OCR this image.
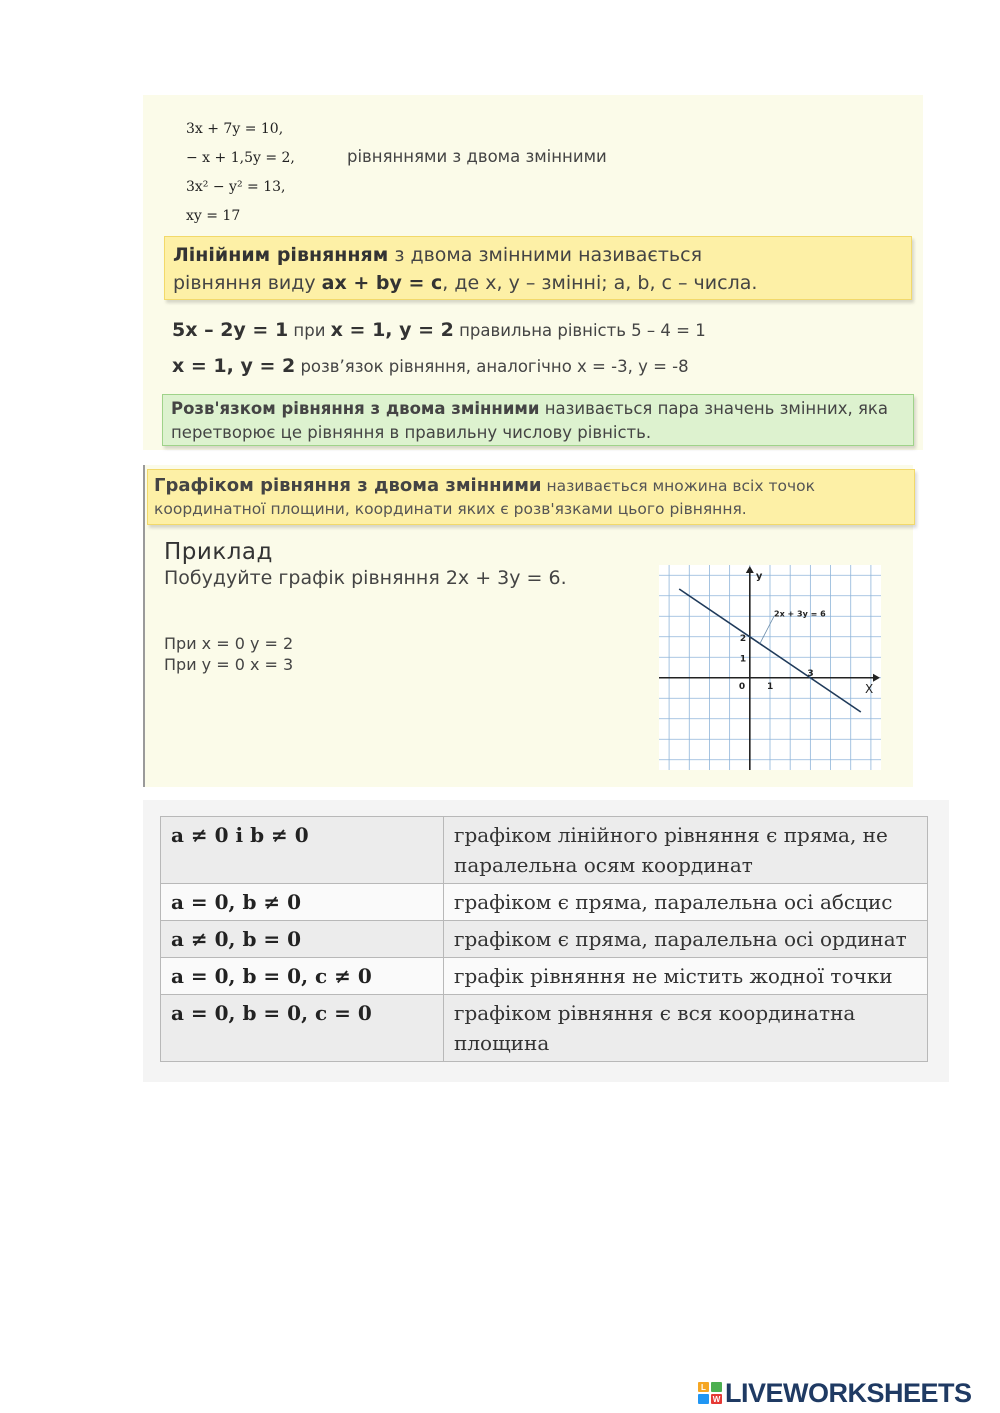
3x + 7y = 10,
− x + 1,5y = 2,
3x² − y² = 13,
xy = 17
рівняннями з двома змінними
Лінійним рівнянням з двома змінними називається
рівняння виду ax + by = c, де x, y – змінні; a, b, c – числа.
5x – 2y = 1 при x = 1, y = 2 правильна рівність 5 – 4 = 1
x = 1, y = 2 розв’язок рівняння, аналогічно x = -3, y = -8
Розв'язком рівняння з двома змінними називається пара значень змінних, яка перетворює це рівняння в правильну числову рівність.
Графіком рівняння з двома змінними називається множина всіх точок координатної площини, координати яких є розв'язками цього рівняння.
Приклад
Побудуйте графік рівняння 2x + 3y = 6.
При x = 0 y = 2
При y = 0 x = 3
2x + 3y = 6
X
y
0 1
3
2
1
a ≠ 0 і b ≠ 0	графіком лінійного рівняння є пряма, не паралельна осям координат
a = 0, b ≠ 0	графіком є пряма, паралельна осі абсцис
a ≠ 0, b = 0	графіком є пряма, паралельна осі ординат
a = 0, b = 0, c ≠ 0	графік рівняння не містить жодної точки
a = 0, b = 0, c = 0	графіком рівняння є вся координатна площина
L
W LIVEWORKSHEETS
